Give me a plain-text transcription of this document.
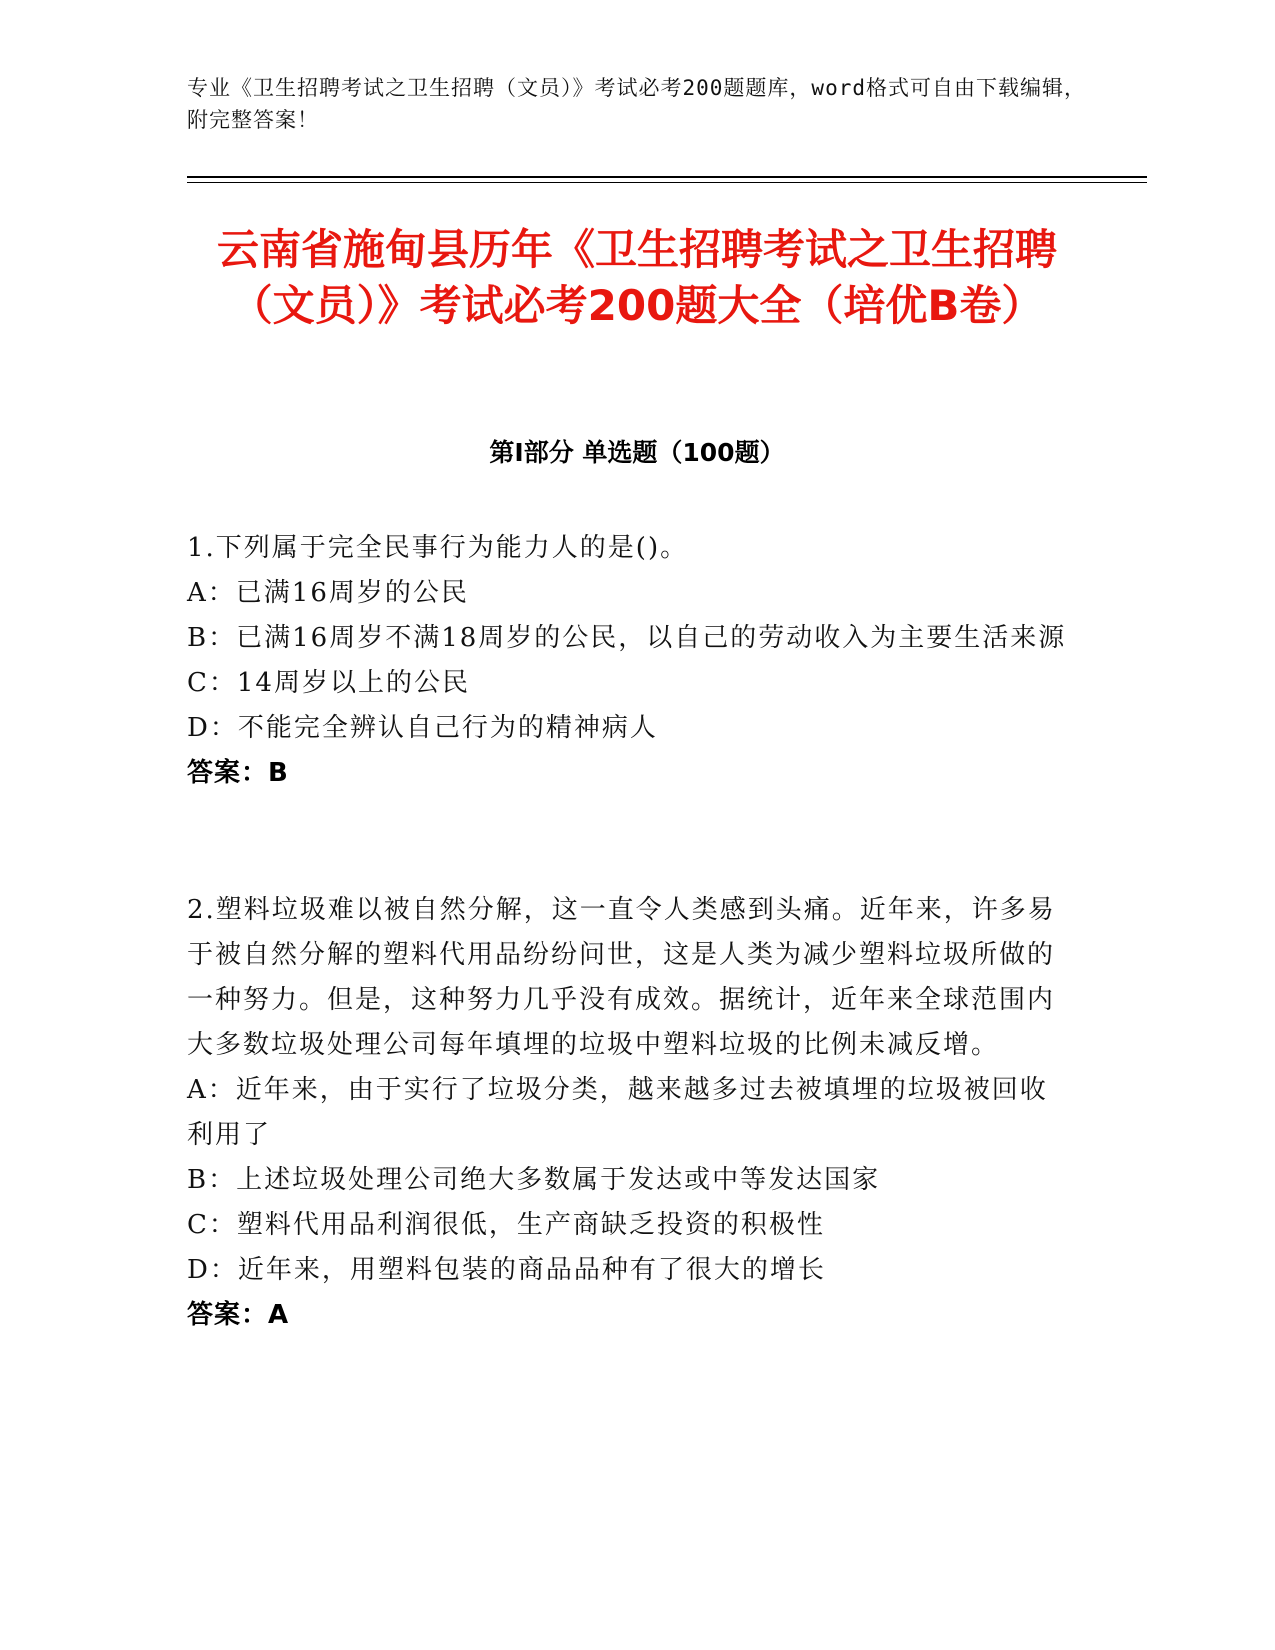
专业《卫生招聘考试之卫生招聘（文员）》考试必考200题题库，word格式可自由下载编辑，附完整答案！
云南省施甸县历年《卫生招聘考试之卫生招聘（文员）》考试必考200题大全（培优B卷）
第I部分 单选题（100题）
1.下列属于完全民事行为能力人的是()。
A：已满16周岁的公民
B：已满16周岁不满18周岁的公民，以自己的劳动收入为主要生活来源
C：14周岁以上的公民
D：不能完全辨认自己行为的精神病人
答案：B
2.塑料垃圾难以被自然分解，这一直令人类感到头痛。近年来，许多易于被自然分解的塑料代用品纷纷问世，这是人类为减少塑料垃圾所做的一种努力。但是，这种努力几乎没有成效。据统计，近年来全球范围内大多数垃圾处理公司每年填埋的垃圾中塑料垃圾的比例未减反增。
A：近年来，由于实行了垃圾分类，越来越多过去被填埋的垃圾被回收利用了
B：上述垃圾处理公司绝大多数属于发达或中等发达国家
C：塑料代用品利润很低，生产商缺乏投资的积极性
D：近年来，用塑料包装的商品品种有了很大的增长
答案：A
